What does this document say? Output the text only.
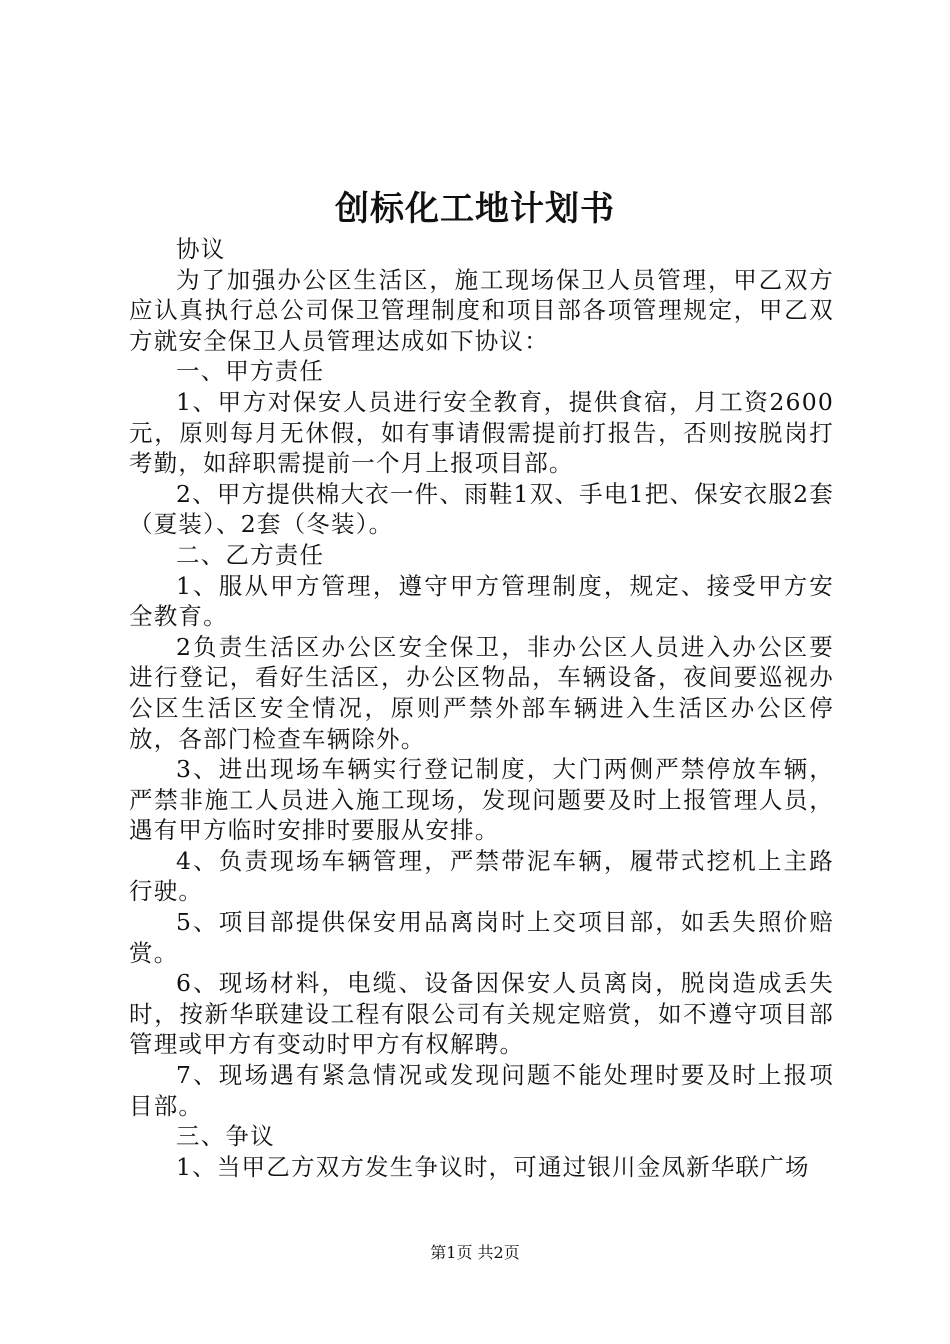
创标化工地计划书

协议

为了加强办公区生活区，施工现场保卫人员管理，甲乙双方应认真执行总公司保卫管理制度和项目部各项管理规定，甲乙双方就安全保卫人员管理达成如下协议：

一、甲方责任

1、甲方对保安人员进行安全教育，提供食宿，月工资2600元，原则每月无休假，如有事请假需提前打报告，否则按脱岗打考勤，如辞职需提前一个月上报项目部。

2、甲方提供棉大衣一件、雨鞋1双、手电1把、保安衣服2套（夏装）、2套（冬装）。

二、乙方责任

1、服从甲方管理，遵守甲方管理制度，规定、接受甲方安全教育。

2负责生活区办公区安全保卫，非办公区人员进入办公区要进行登记，看好生活区，办公区物品，车辆设备，夜间要巡视办公区生活区安全情况，原则严禁外部车辆进入生活区办公区停放，各部门检查车辆除外。

3、进出现场车辆实行登记制度，大门两侧严禁停放车辆，严禁非施工人员进入施工现场，发现问题要及时上报管理人员，遇有甲方临时安排时要服从安排。

4、负责现场车辆管理，严禁带泥车辆，履带式挖机上主路行驶。

5、项目部提供保安用品离岗时上交项目部，如丢失照价赔赏。

6、现场材料，电缆、设备因保安人员离岗，脱岗造成丢失时，按新华联建设工程有限公司有关规定赔赏，如不遵守项目部管理或甲方有变动时甲方有权解聘。

7、现场遇有紧急情况或发现问题不能处理时要及时上报项目部。

三、争议

1、当甲乙方双方发生争议时，可通过银川金凤新华联广场

第1页 共2页
